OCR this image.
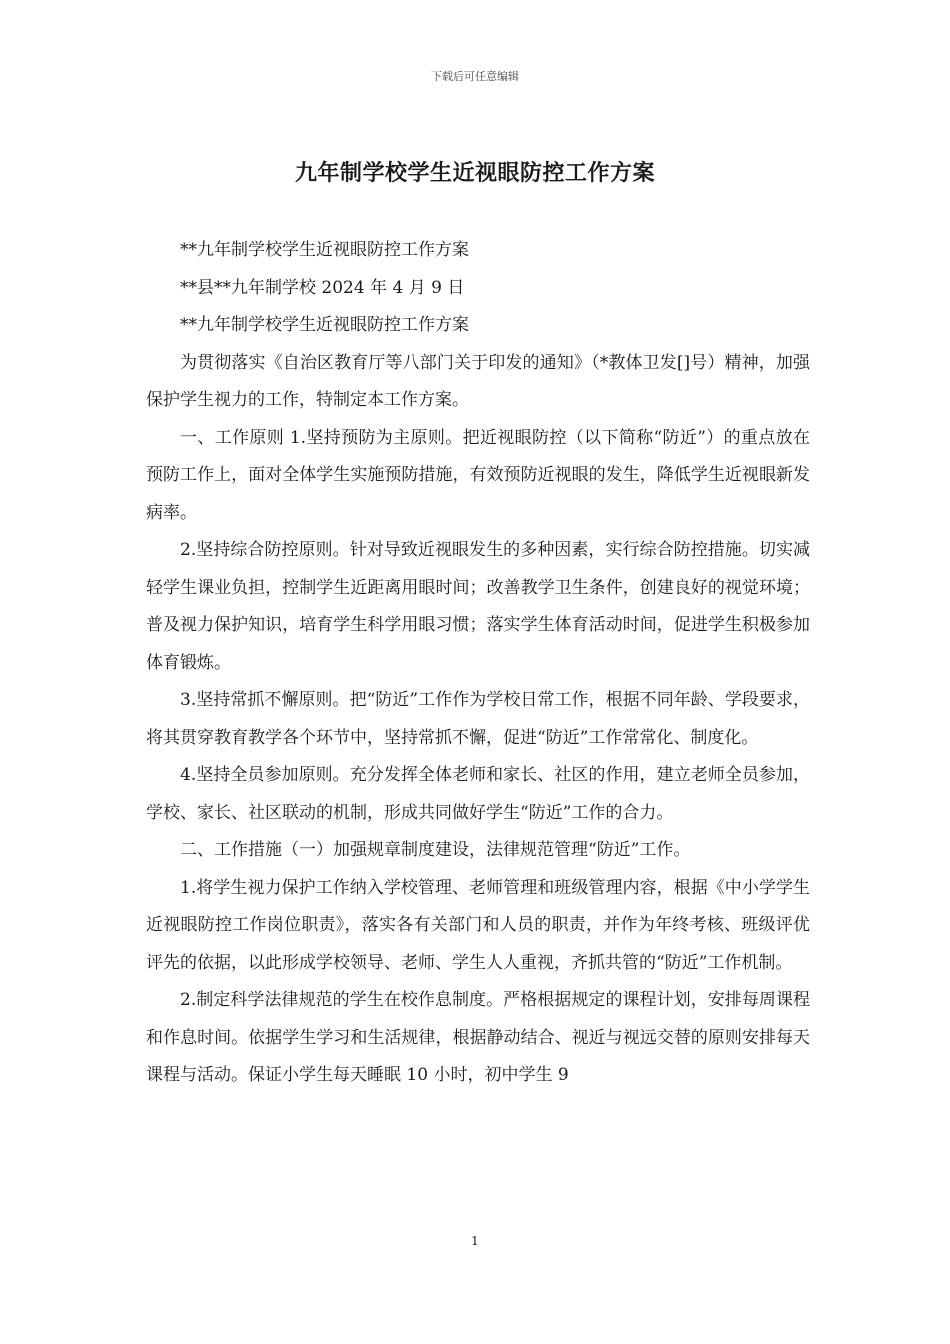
下载后可任意编辑
九年制学校学生近视眼防控工作方案

**九年制学校学生近视眼防控工作方案

**县**九年制学校 2024 年 4 月 9 日

**九年制学校学生近视眼防控工作方案

为贯彻落实《自治区教育厅等八部门关于印发的通知》（*教体卫发[]号）精神，加强保护学生视力的工作，特制定本工作方案。

一、工作原则 1.坚持预防为主原则。把近视眼防控（以下简称“防近”）的重点放在预防工作上，面对全体学生实施预防措施，有效预防近视眼的发生，降低学生近视眼新发病率。

2.坚持综合防控原则。针对导致近视眼发生的多种因素，实行综合防控措施。切实减轻学生课业负担，控制学生近距离用眼时间；改善教学卫生条件，创建良好的视觉环境；普及视力保护知识，培育学生科学用眼习惯；落实学生体育活动时间，促进学生积极参加体育锻炼。

3.坚持常抓不懈原则。把“防近”工作作为学校日常工作，根据不同年龄、学段要求，将其贯穿教育教学各个环节中，坚持常抓不懈，促进“防近”工作常常化、制度化。

4.坚持全员参加原则。充分发挥全体老师和家长、社区的作用，建立老师全员参加，学校、家长、社区联动的机制，形成共同做好学生“防近”工作的合力。

二、工作措施（一）加强规章制度建设，法律规范管理“防近”工作。

1.将学生视力保护工作纳入学校管理、老师管理和班级管理内容，根据《中小学学生近视眼防控工作岗位职责》，落实各有关部门和人员的职责，并作为年终考核、班级评优评先的依据，以此形成学校领导、老师、学生人人重视，齐抓共管的“防近”工作机制。

2.制定科学法律规范的学生在校作息制度。严格根据规定的课程计划，安排每周课程和作息时间。依据学生学习和生活规律，根据静动结合、视近与视远交替的原则安排每天课程与活动。保证小学生每天睡眠 10 小时，初中学生 9

1
